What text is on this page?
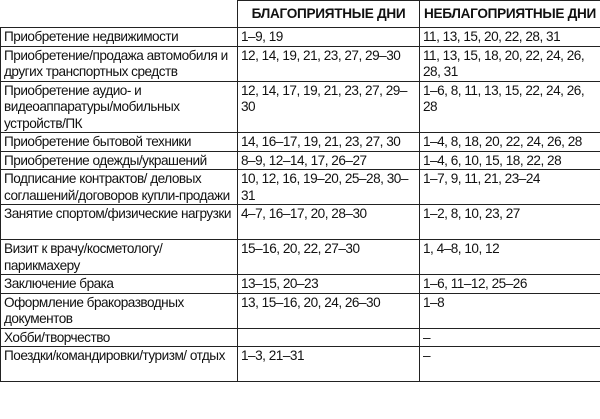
	БЛАГОПРИЯТНЫЕ ДНИ	НЕБЛАГОПРИЯТНЫЕ ДНИ
Приобретение недвижимости	1–9, 19	11, 13, 15, 20, 22, 28, 31
Приобретение/продажа автомобиля и других транспортных средств	12, 14, 19, 21, 23, 27, 29–30	11, 13, 15, 18, 20, 22, 24, 26, 28, 31
Приобретение аудио- и видеоаппаратуры/мобильных устройств/ПК	12, 14, 17, 19, 21, 23, 27, 29–30	1–6, 8, 11, 13, 15, 22, 24, 26, 28
Приобретение бытовой техники	14, 16–17, 19, 21, 23, 27, 30	1–4, 8, 18, 20, 22, 24, 26, 28
Приобретение одежды/украшений	8–9, 12–14, 17, 26–27	1–4, 6, 10, 15, 18, 22, 28
Подписание контрактов/ деловых соглашений/договоров купли-продажи	10, 12, 16, 19–20, 25–28, 30–31	1–7, 9, 11, 21, 23–24
Занятие спортом/физические нагрузки	4–7, 16–17, 20, 28–30	1–2, 8, 10, 23, 27
Визит к врачу/косметологу/ парикмахеру	15–16, 20, 22, 27–30	1, 4–8, 10, 12
Заключение брака	13–15, 20–23	1–6, 11–12, 25–26
Оформление бракоразводных документов	13, 15–16, 20, 24, 26–30	1–8
Хобби/творчество		–
Поездки/командировки/туризм/ отдых	1–3, 21–31	–
